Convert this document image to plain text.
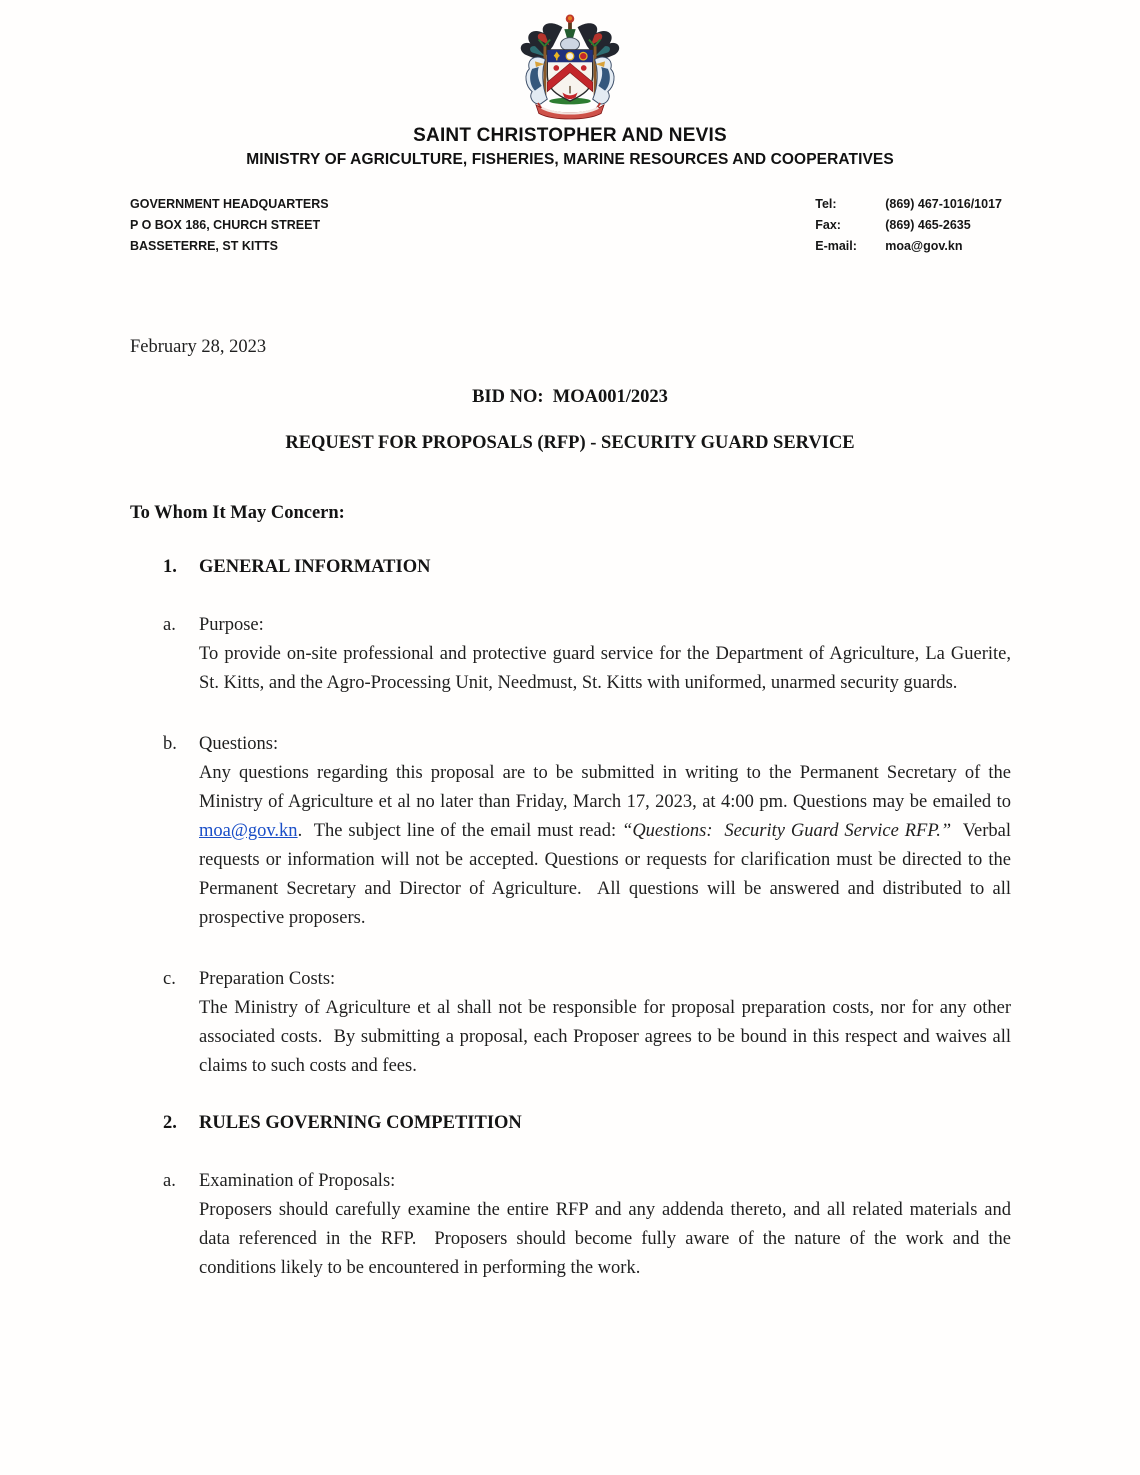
SAINT CHRISTOPHER AND NEVIS
MINISTRY OF AGRICULTURE, FISHERIES, MARINE RESOURCES AND COOPERATIVES
GOVERNMENT HEADQUARTERS
P O BOX 186, CHURCH STREET
BASSETERRE, ST KITTS
Tel:	(869) 467-1016/1017
Fax:	(869) 465-2635
E-mail:	moa@gov.kn
February 28, 2023
BID NO:  MOA001/2023
REQUEST FOR PROPOSALS (RFP) - SECURITY GUARD SERVICE
To Whom It May Concern:
1.	GENERAL INFORMATION
a.	Purpose:

To provide on-site professional and protective guard service for the Department of Agriculture, La Guerite, St. Kitts, and the Agro-Processing Unit, Needmust, St. Kitts with uniformed, unarmed security guards.

b.	Questions:

Any questions regarding this proposal are to be submitted in writing to the Permanent Secretary of the Ministry of Agriculture et al no later than Friday, March 17, 2023, at 4:00 pm. Questions may be emailed to moa@gov.kn.  The subject line of the email must read: “Questions:  Security Guard Service RFP.”  Verbal requests or information will not be accepted. Questions or requests for clarification must be directed to the Permanent Secretary and Director of Agriculture.  All questions will be answered and distributed to all prospective proposers.

c.	Preparation Costs:

The Ministry of Agriculture et al shall not be responsible for proposal preparation costs, nor for any other associated costs.  By submitting a proposal, each Proposer agrees to be bound in this respect and waives all claims to such costs and fees.

2.	RULES GOVERNING COMPETITION
a.	Examination of Proposals:

Proposers should carefully examine the entire RFP and any addenda thereto, and all related materials and data referenced in the RFP.  Proposers should become fully aware of the nature of the work and the conditions likely to be encountered in performing the work.
